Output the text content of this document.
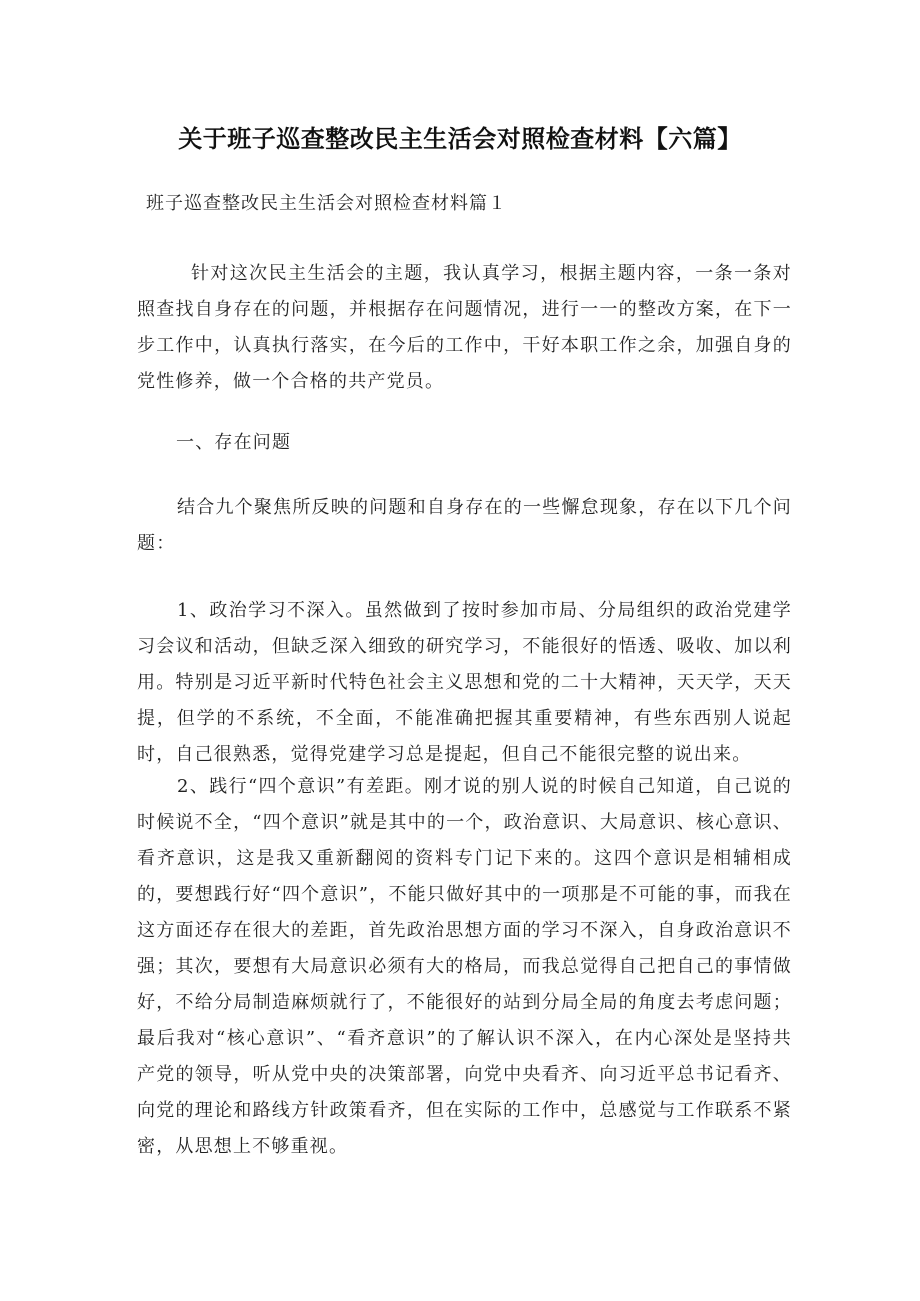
关于班子巡查整改民主生活会对照检查材料【六篇】
班子巡查整改民主生活会对照检查材料篇１

针对这次民主生活会的主题，我认真学习，根据主题内容，一条一条对照查找自身存在的问题，并根据存在问题情况，进行一一的整改方案，在下一步工作中，认真执行落实，在今后的工作中，干好本职工作之余，加强自身的党性修养，做一个合格的共产党员。

一、存在问题

结合九个聚焦所反映的问题和自身存在的一些懈怠现象，存在以下几个问题：

1、政治学习不深入。虽然做到了按时参加市局、分局组织的政治党建学习会议和活动，但缺乏深入细致的研究学习，不能很好的悟透、吸收、加以利用。特别是习近平新时代特色社会主义思想和党的二十大精神，天天学，天天提，但学的不系统，不全面，不能准确把握其重要精神，有些东西别人说起时，自己很熟悉，觉得党建学习总是提起，但自己不能很完整的说出来。

2、践行“四个意识”有差距。刚才说的别人说的时候自己知道，自己说的时候说不全，“四个意识”就是其中的一个，政治意识、大局意识、核心意识、看齐意识，这是我又重新翻阅的资料专门记下来的。这四个意识是相辅相成的，要想践行好“四个意识”，不能只做好其中的一项那是不可能的事，而我在这方面还存在很大的差距，首先政治思想方面的学习不深入，自身政治意识不强；其次，要想有大局意识必须有大的格局，而我总觉得自己把自己的事情做好，不给分局制造麻烦就行了，不能很好的站到分局全局的角度去考虑问题；最后我对“核心意识”、“看齐意识”的了解认识不深入，在内心深处是坚持共产党的领导，听从党中央的决策部署，向党中央看齐、向习近平总书记看齐、向党的理论和路线方针政策看齐，但在实际的工作中，总感觉与工作联系不紧密，从思想上不够重视。
